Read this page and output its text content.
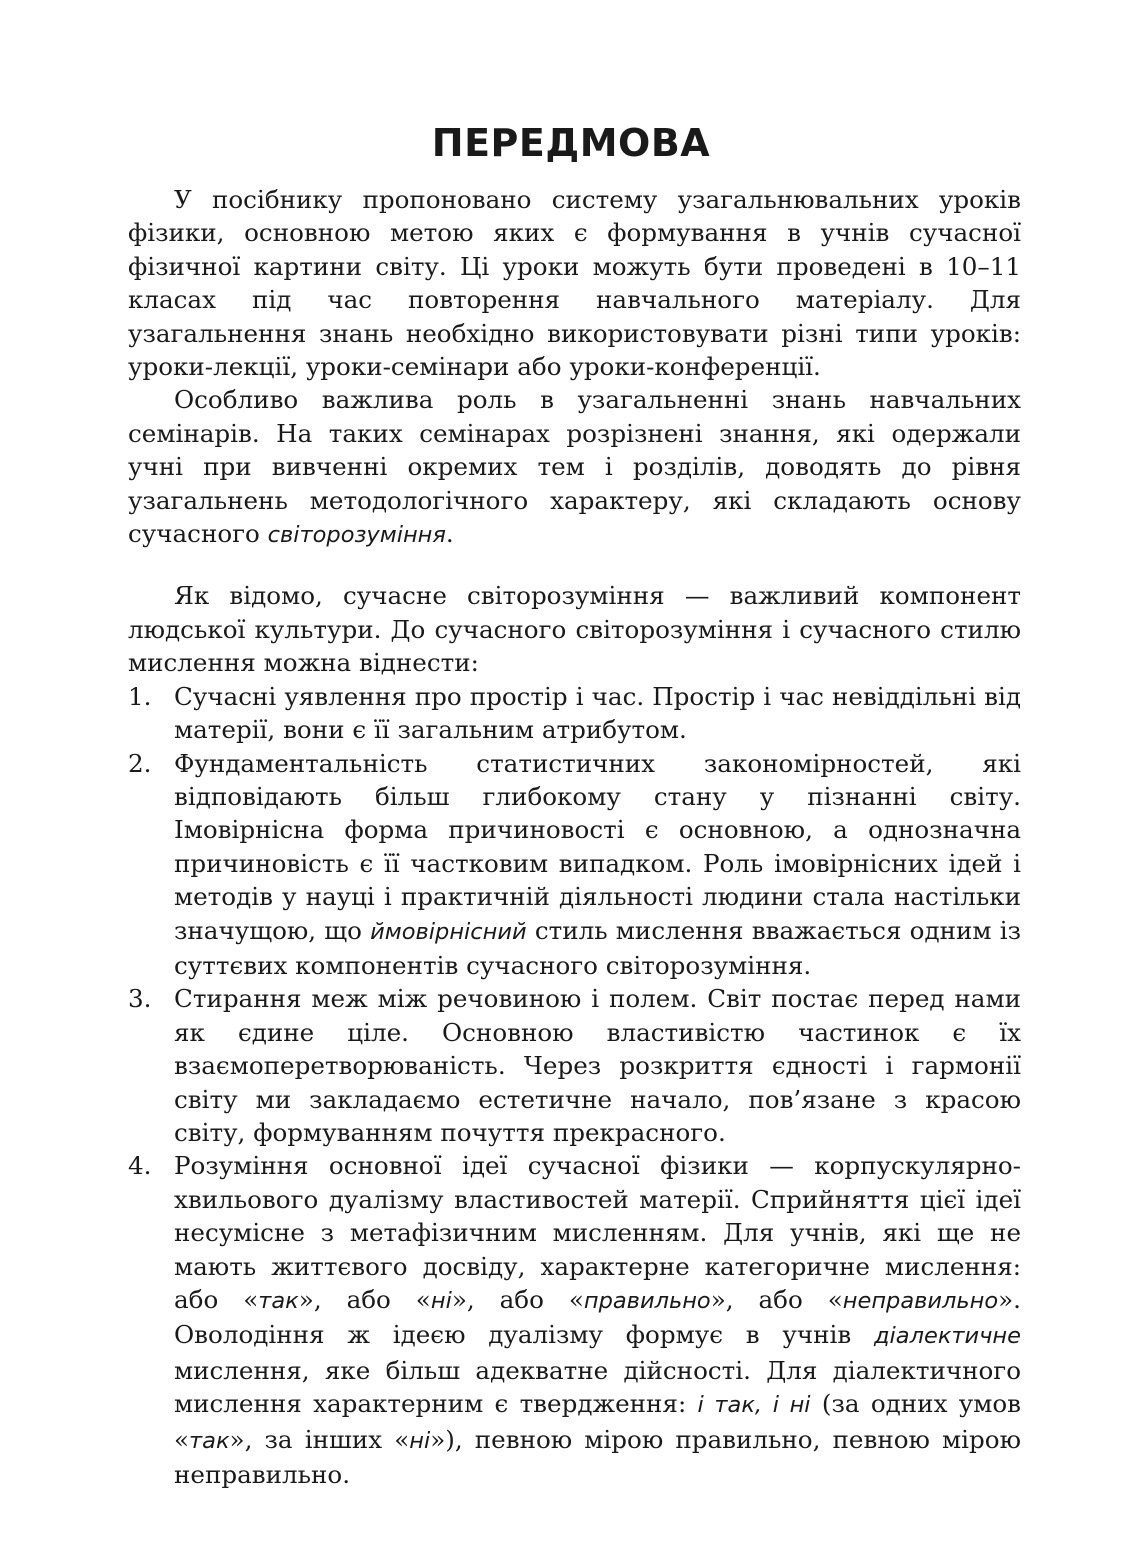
ПЕРЕДМОВА

У посібнику пропоновано систему узагальнювальних уроків фізики, основною метою яких є формування в учнів сучасної фізичної картини світу. Ці уроки можуть бути проведені в 10–11 класах під час повторення навчального матеріалу. Для узагальнення знань необхідно використовувати різні типи уроків: уроки-лекції, уроки-семінари або уроки-конференції.

Особливо важлива роль в узагальненні знань навчальних семінарів. На таких семінарах розрізнені знання, які одержали учні при вивченні окремих тем і розділів, доводять до рівня узагальнень методологічного характеру, які складають основу сучасного світорозуміння.

Як відомо, сучасне світорозуміння — важливий компонент людської культури. До сучасного світорозуміння і сучасного стилю мислення можна віднести:

1. Сучасні уявлення про простір і час. Простір і час невіддільні від матерії, вони є її загальним атрибутом.
2. Фундаментальність статистичних закономірностей, які відповідають більш глибокому стану у пізнанні світу. Імовірнісна форма причиновості є основною, а однозначна причиновість є її частковим випадком. Роль імовірнісних ідей і методів у науці і практичній діяльності людини стала настільки значущою, що ймовірнісний стиль мислення вважається одним із суттєвих компонентів сучасного світорозуміння.
3. Стирання меж між речовиною і полем. Світ постає перед нами як єдине ціле. Основною властивістю частинок є їх взаємоперетворюваність. Через розкриття єдності і гармонії світу ми закладаємо естетичне начало, пов’язане з красою світу, формуванням почуття прекрасного.
4. Розуміння основної ідеї сучасної фізики — корпускулярно-хвильового дуалізму властивостей матерії. Сприйняття цієї ідеї несумісне з метафізичним мисленням. Для учнів, які ще не мають життєвого досвіду, характерне категоричне мислення: або «так», або «ні», або «правильно», або «неправильно». Оволодіння ж ідеєю дуалізму формує в учнів діалектичне мислення, яке більш адекватне дійсності. Для діалектичного мислення характерним є твердження: і так, і ні (за одних умов «так», за інших «ні»), певною мірою правильно, певною мірою неправильно.
